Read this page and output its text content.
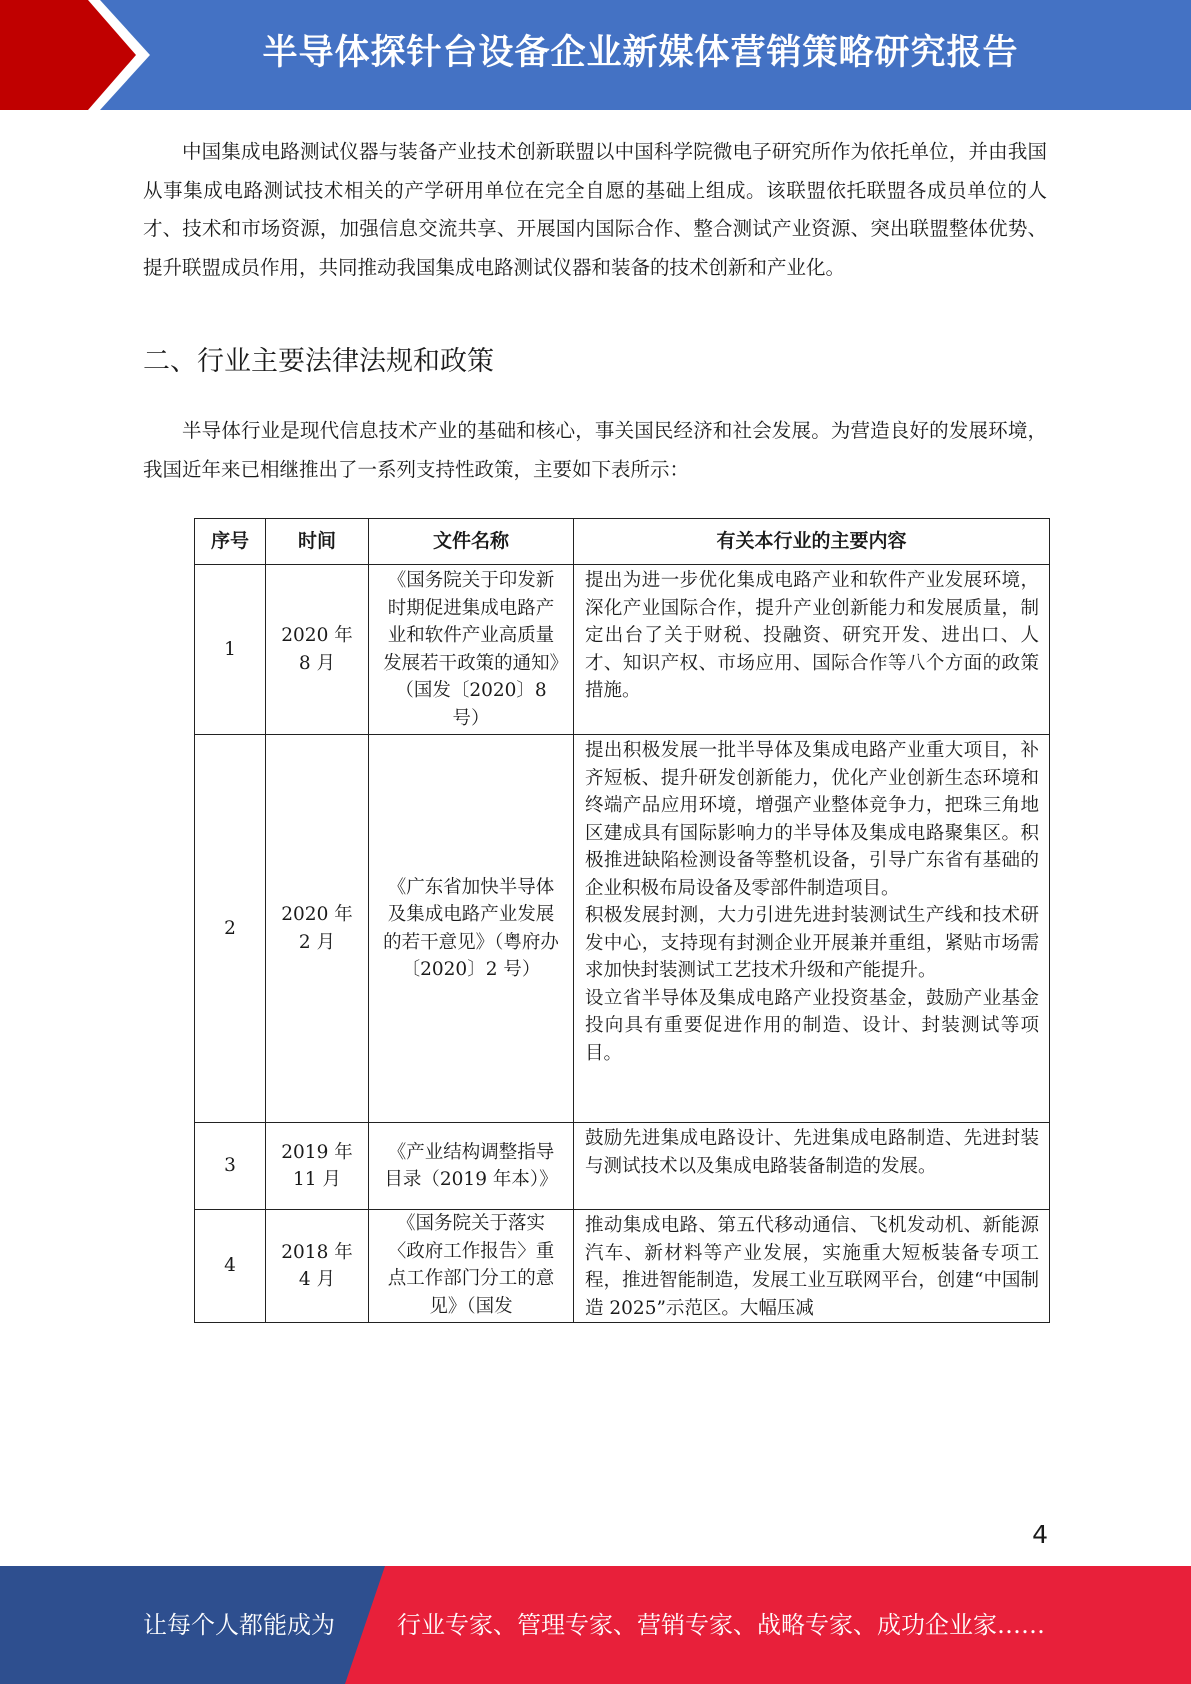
半导体探针台设备企业新媒体营销策略研究报告

中国集成电路测试仪器与装备产业技术创新联盟以中国科学院微电子研究所作为依托单位，并由我国从事集成电路测试技术相关的产学研用单位在完全自愿的基础上组成。该联盟依托联盟各成员单位的人才、技术和市场资源，加强信息交流共享、开展国内国际合作、整合测试产业资源、突出联盟整体优势、提升联盟成员作用，共同推动我国集成电路测试仪器和装备的技术创新和产业化。

二、行业主要法律法规和政策

半导体行业是现代信息技术产业的基础和核心，事关国民经济和社会发展。为营造良好的发展环境，我国近年来已相继推出了一系列支持性政策，主要如下表所示：

序号	时间	文件名称	有关本行业的主要内容
1	2020 年 8 月	《国务院关于印发新时期促进集成电路产业和软件产业高质量发展若干政策的通知》（国发〔2020〕8 号）	提出为进一步优化集成电路产业和软件产业发展环境，深化产业国际合作，提升产业创新能力和发展质量，制定出台了关于财税、投融资、研究开发、进出口、人才、知识产权、市场应用、国际合作等八个方面的政策措施。
2	2020 年 2 月	《广东省加快半导体及集成电路产业发展的若干意见》（粤府办〔2020〕2 号）	提出积极发展一批半导体及集成电路产业重大项目，补齐短板、提升研发创新能力，优化产业创新生态环境和终端产品应用环境，增强产业整体竞争力，把珠三角地区建成具有国际影响力的半导体及集成电路聚集区。积极推进缺陷检测设备等整机设备，引导广东省有基础的企业积极布局设备及零部件制造项目。
积极发展封测，大力引进先进封装测试生产线和技术研发中心，支持现有封测企业开展兼并重组，紧贴市场需求加快封装测试工艺技术升级和产能提升。
设立省半导体及集成电路产业投资基金，鼓励产业基金投向具有重要促进作用的制造、设计、封装测试等项目。

3	2019 年 11 月	《产业结构调整指导目录（2019 年本）》	鼓励先进集成电路设计、先进集成电路制造、先进封装与测试技术以及集成电路装备制造的发展。
4	2018 年 4 月	《国务院关于落实〈政府工作报告〉重点工作部门分工的意见》（国发	推动集成电路、第五代移动通信、飞机发动机、新能源汽车、新材料等产业发展，实施重大短板装备专项工程，推进智能制造，发展工业互联网平台，创建“中国制造 2025”示范区。大幅压减
4
让每个人都能成为	行业专家、管理专家、营销专家、战略专家、成功企业家……
